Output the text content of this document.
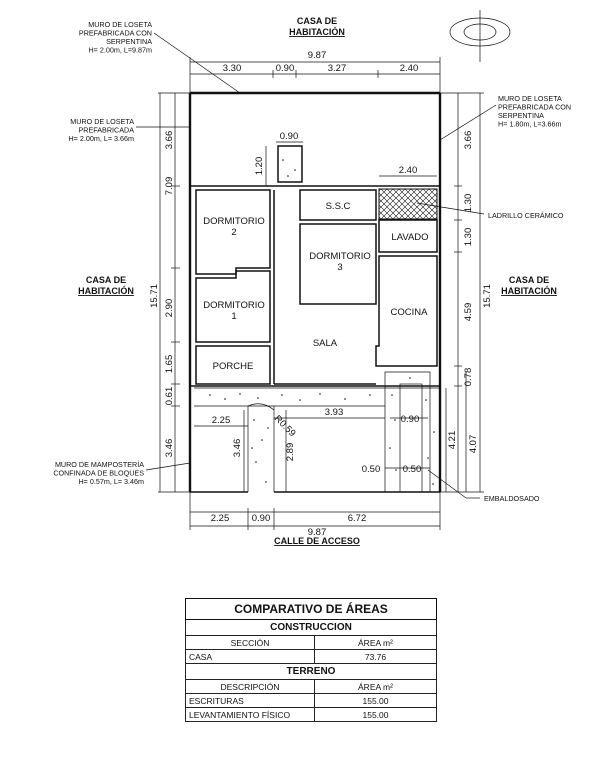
CASA DE HABITACIÓN
CALLE DE ACCESO
CASA DE HABITACIÓN
CASA DE HABITACIÓN
DORMITORIO 2
DORMITORIO 1
DORMITORIO 3
S.S.C
LAVADO
COCINA
SALA
PORCHE
MURO DE LOSETA PREFABRICADA CON SERPENTINA H= 2.00m, L=9.87m
MURO DE LOSETA PREFABRICADA H= 2.00m, L= 3.66m
MURO DE LOSETA PREFABRICADA CON SERPENTINA H= 1.80m, L=3.66m
LADRILLO CERÁMICO
MURO DE MAMPOSTERÍA CONFINADA DE BLOQUES H= 0.57m, L= 3.46m
EMBALDOSADO
9.87
3.30	0.90	3.27	2.40
9.87
2.25 0.90	6.72
15.71
3.66
7.09
2.90
1.65
0.61
3.46
15.71
3.66
1.30
1.30
4.59
0.78
4.21 4.07
0.90
1.20	2.40
2.25
3.93
0.90
3.46	2.89
0.50 0.50
R0.59
COMPARATIVO DE ÁREAS	
CONSTRUCCION	
SECCIÓN	ÁREA m²
CASA	73.76
TERRENO	
DESCRIPCIÓN	ÁREA m²
ESCRITURAS	155.00
LEVANTAMIENTO FÍSICO	155.00
